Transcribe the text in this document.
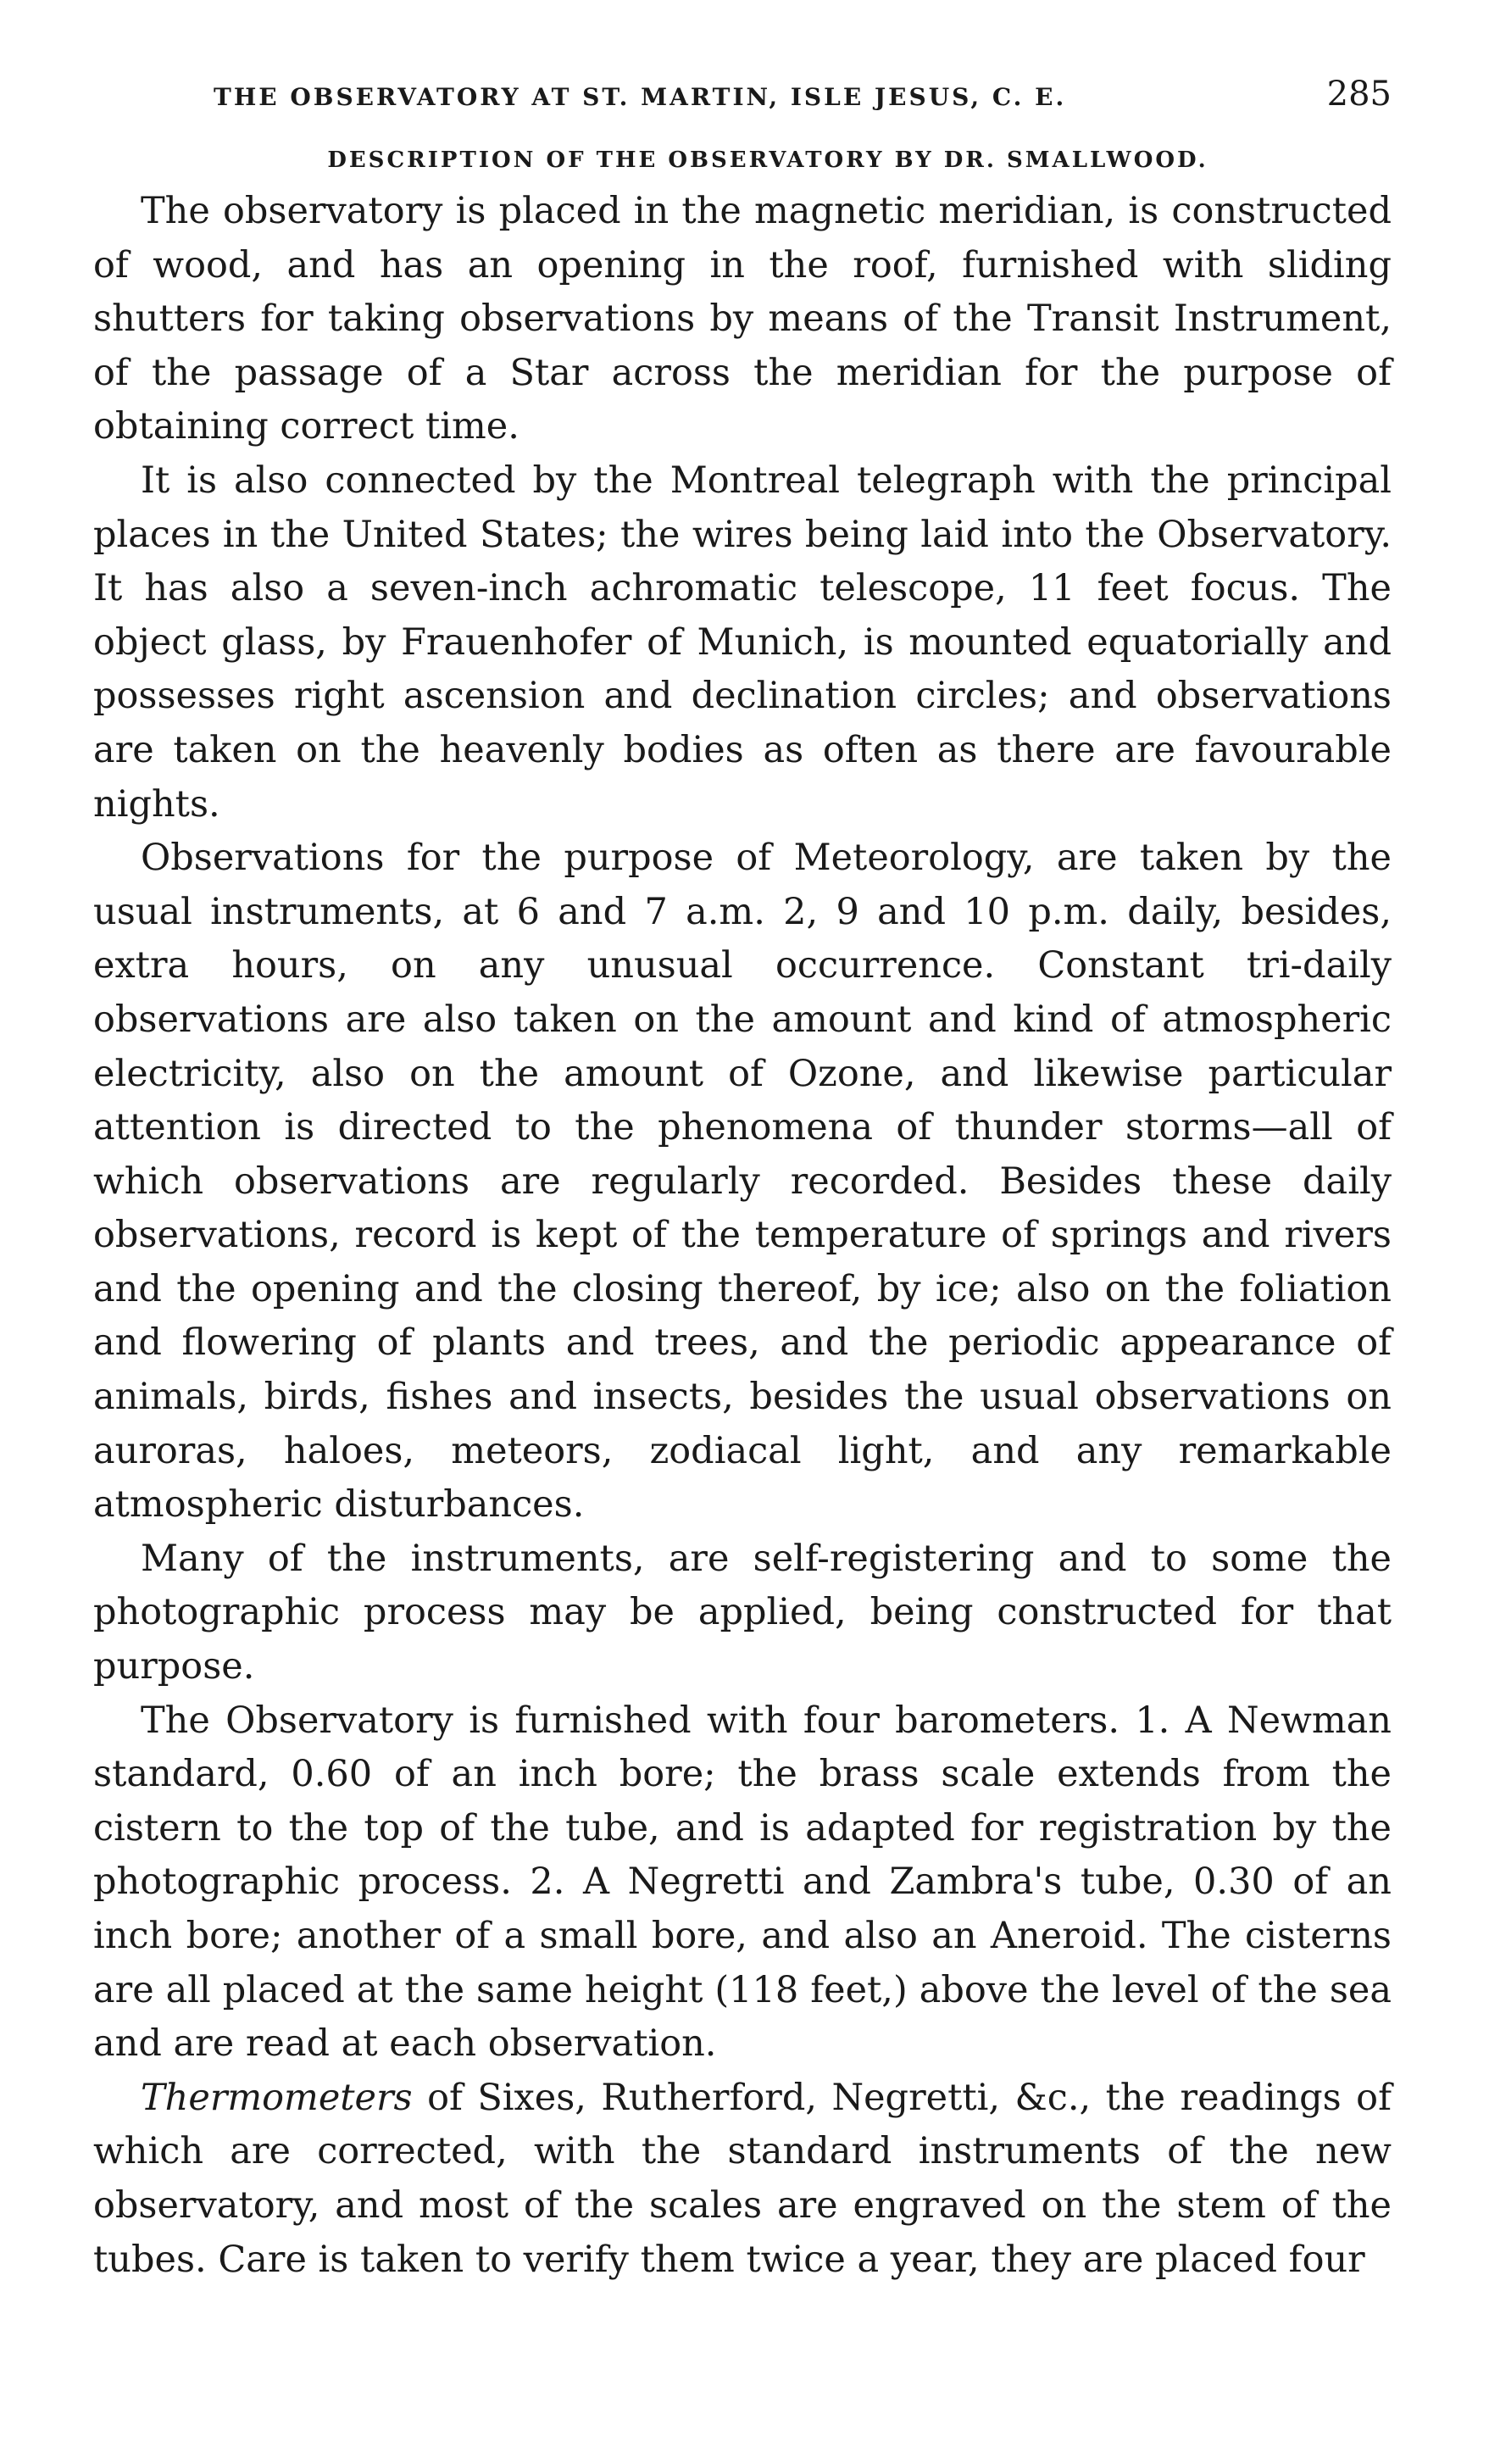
THE OBSERVATORY AT ST. MARTIN, ISLE JESUS, C. E.	285
DESCRIPTION OF THE OBSERVATORY BY DR. SMALLWOOD.

The observatory is placed in the magnetic meridian, is constructed of wood, and has an opening in the roof, furnished with sliding shutters for taking observations by means of the Transit Instrument, of the passage of a Star across the meridian for the purpose of obtaining correct time.

It is also connected by the Montreal telegraph with the principal places in the United States; the wires being laid into the Observatory. It has also a seven-inch achromatic telescope, 11 feet focus. The object glass, by Frauenhofer of Munich, is mounted equatorially and possesses right ascension and declination circles; and observations are taken on the heavenly bodies as often as there are favourable nights.

Observations for the purpose of Meteorology, are taken by the usual instruments, at 6 and 7 a.m. 2, 9 and 10 p.m. daily, besides, extra hours, on any unusual occurrence. Constant tri-daily observations are also taken on the amount and kind of atmospheric electricity, also on the amount of Ozone, and likewise particular attention is directed to the phenomena of thunder storms—all of which observations are regularly recorded. Besides these daily observations, record is kept of the temperature of springs and rivers and the opening and the closing thereof, by ice; also on the foliation and flowering of plants and trees, and the periodic appearance of animals, birds, fishes and insects, besides the usual observations on auroras, haloes, meteors, zodiacal light, and any remarkable atmospheric disturbances.

Many of the instruments, are self-registering and to some the photographic process may be applied, being constructed for that purpose.

The Observatory is furnished with four barometers. 1. A Newman standard, 0.60 of an inch bore; the brass scale extends from the cistern to the top of the tube, and is adapted for registration by the photographic process. 2. A Negretti and Zambra's tube, 0.30 of an inch bore; another of a small bore, and also an Aneroid. The cisterns are all placed at the same height (118 feet,) above the level of the sea and are read at each observation.

Thermometers of Sixes, Rutherford, Negretti, &c., the readings of which are corrected, with the standard instruments of the new observatory, and most of the scales are engraved on the stem of the tubes. Care is taken to verify them twice a year, they are placed four
